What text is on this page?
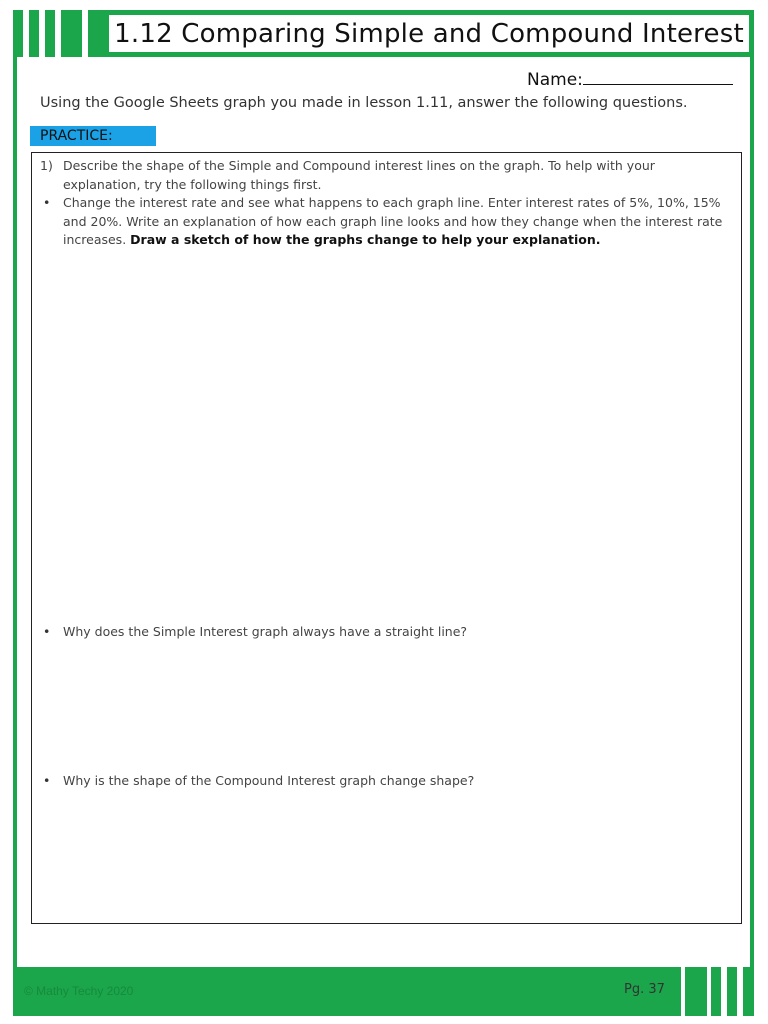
1.12 Comparing Simple and Compound Interest
Name:
Using the Google Sheets graph you made in lesson 1.11, answer the following questions.
PRACTICE:
1) Describe the shape of the Simple and Compound interest lines on the graph. To help with your explanation, try the following things first.
• Change the interest rate and see what happens to each graph line. Enter interest rates of 5%, 10%, 15% and 20%. Write an explanation of how each graph line looks and how they change when the interest rate increases. Draw a sketch of how the graphs change to help your explanation.
• Why does the Simple Interest graph always have a straight line?
• Why is the shape of the Compound Interest graph change shape?
© Mathy Techy 2020	Pg. 37
